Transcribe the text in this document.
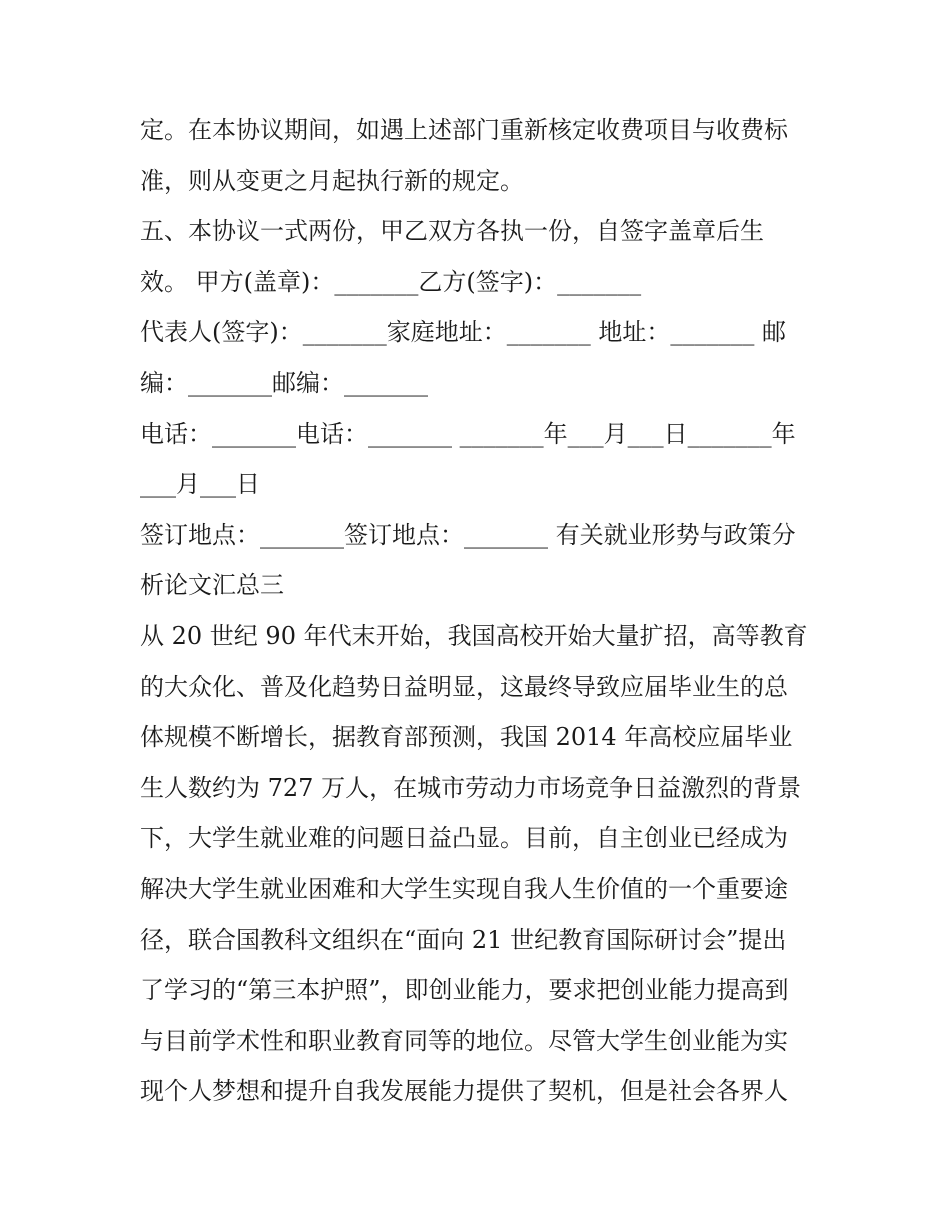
定。在本协议期间，如遇上述部门重新核定收费项目与收费标
准，则从变更之月起执行新的规定。
五、本协议一式两份，甲乙双方各执一份，自签字盖章后生
效。 甲方(盖章)：_______乙方(签字)：_______
代表人(签字)：_______家庭地址：_______ 地址：_______ 邮
编：_______邮编：_______
电话：_______电话：_______ _______年___月___日_______年
___月___日
签订地点：_______签订地点：_______ 有关就业形势与政策分
析论文汇总三
从 20 世纪 90 年代末开始，我国高校开始大量扩招，高等教育
的大众化、普及化趋势日益明显，这最终导致应届毕业生的总
体规模不断增长，据教育部预测，我国 2014 年高校应届毕业
生人数约为 727 万人，在城市劳动力市场竞争日益激烈的背景
下，大学生就业难的问题日益凸显。目前，自主创业已经成为
解决大学生就业困难和大学生实现自我人生价值的一个重要途
径，联合国教科文组织在“面向 21 世纪教育国际研讨会”提出
了学习的“第三本护照”，即创业能力，要求把创业能力提高到
与目前学术性和职业教育同等的地位。尽管大学生创业能为实
现个人梦想和提升自我发展能力提供了契机，但是社会各界人
